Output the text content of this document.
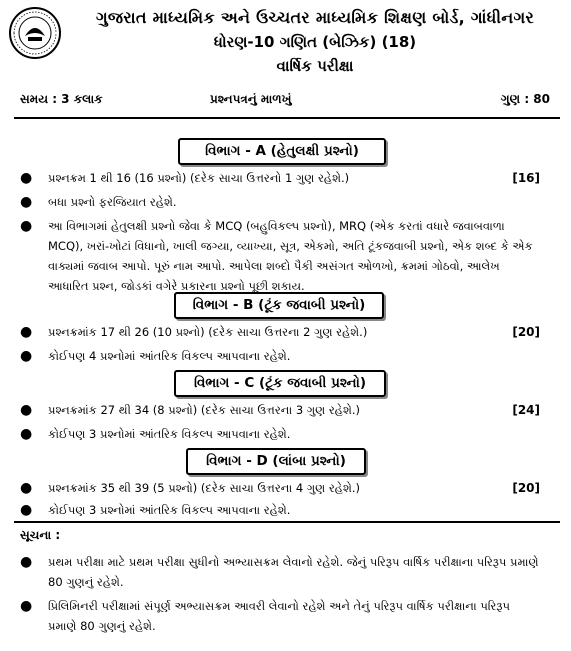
ગુજરાત માધ્યમિક અને ઉચ્ચતર માધ્યમિક શિક્ષણ બોર્ડ, ગાંધીનગર
ધોરણ-10 ગણિત (બેઝિક) (18)
વાર્ષિક પરીક્ષા
સમય : 3 કલાક	પ્રશ્નપત્રનું માળખું	ગુણ : 80
વિભાગ - A (હેતુલક્ષી પ્રશ્નો)
● પ્રશ્નક્રમ 1 થી 16 (16 પ્રશ્નો) (દરેક સાચા ઉત્તરનો 1 ગુણ રહેશે.)	[16]
● બધા પ્રશ્નો ફરજિયાત રહેશે.
● આ વિભાગમાં હેતુલક્ષી પ્રશ્નો જેવા કે MCQ (બહુવિકલ્પ પ્રશ્નો), MRQ (એક કરતાં વધારે જવાબવાળા MCQ), ખરાં-ખોટાં વિધાનો, ખાલી જગ્યા, વ્યાખ્યા, સૂત્ર, એકમો, અતિ ટૂંકજવાબી પ્રશ્નો, એક શબ્દ કે એક વાક્યમાં જવાબ આપો. પૂરું નામ આપો. આપેલા શબ્દો પૈકી અસંગત ઓળખો, ક્રમમાં ગોઠવો, આલેખ આધારિત પ્રશ્ન, જોડકાં વગેરે પ્રકારના પ્રશ્નો પૂછી શકાય.
વિભાગ - B (ટૂંક જવાબી પ્રશ્નો)
● પ્રશ્નક્રમાંક 17 થી 26 (10 પ્રશ્નો) (દરેક સાચા ઉત્તરના 2 ગુણ રહેશે.)	[20]
● કોઈપણ 4 પ્રશ્નોમાં આંતરિક વિકલ્પ આપવાના રહેશે.
વિભાગ - C (ટૂંક જવાબી પ્રશ્નો)
● પ્રશ્નક્રમાંક 27 થી 34 (8 પ્રશ્નો) (દરેક સાચા ઉત્તરના 3 ગુણ રહેશે.)	[24]
● કોઈપણ 3 પ્રશ્નોમાં આંતરિક વિકલ્પ આપવાના રહેશે.
વિભાગ - D (લાંબા પ્રશ્નો)
● પ્રશ્નક્રમાંક 35 થી 39 (5 પ્રશ્નો) (દરેક સાચા ઉત્તરના 4 ગુણ રહેશે.)	[20]
● કોઈપણ 3 પ્રશ્નોમાં આંતરિક વિકલ્પ આપવાના રહેશે.
સૂચના :
● પ્રથમ પરીક્ષા માટે પ્રથમ પરીક્ષા સુધીનો અભ્યાસક્રમ લેવાનો રહેશે. જેનું પરિરૂપ વાર્ષિક પરીક્ષાના પરિરૂપ પ્રમાણે 80 ગુણનું રહેશે.
● પ્રિલિમિનરી પરીક્ષામાં સંપૂર્ણ અભ્યાસક્રમ આવરી લેવાનો રહેશે અને તેનું પરિરૂપ વાર્ષિક પરીક્ષાના પરિરૂપ પ્રમાણે 80 ગુણનું રહેશે.
